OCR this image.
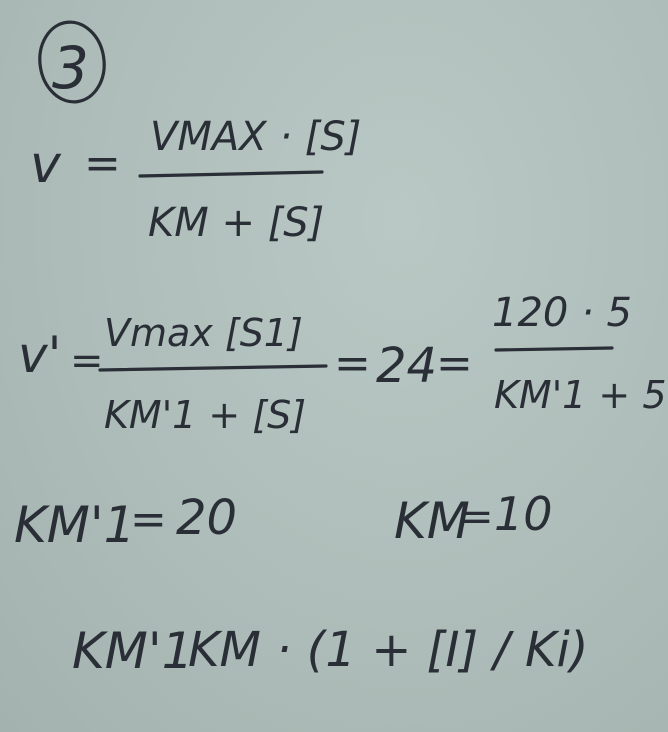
3
v =
VMAX · [S]
KM + [S]
v' =
Vmax [S1]
KM'1 + [S]
= 24
=
120 · 5
KM'1 + 5
KM'1
= 20	KM
= 10
KM'1
KM · (1 + [I] / Ki)
